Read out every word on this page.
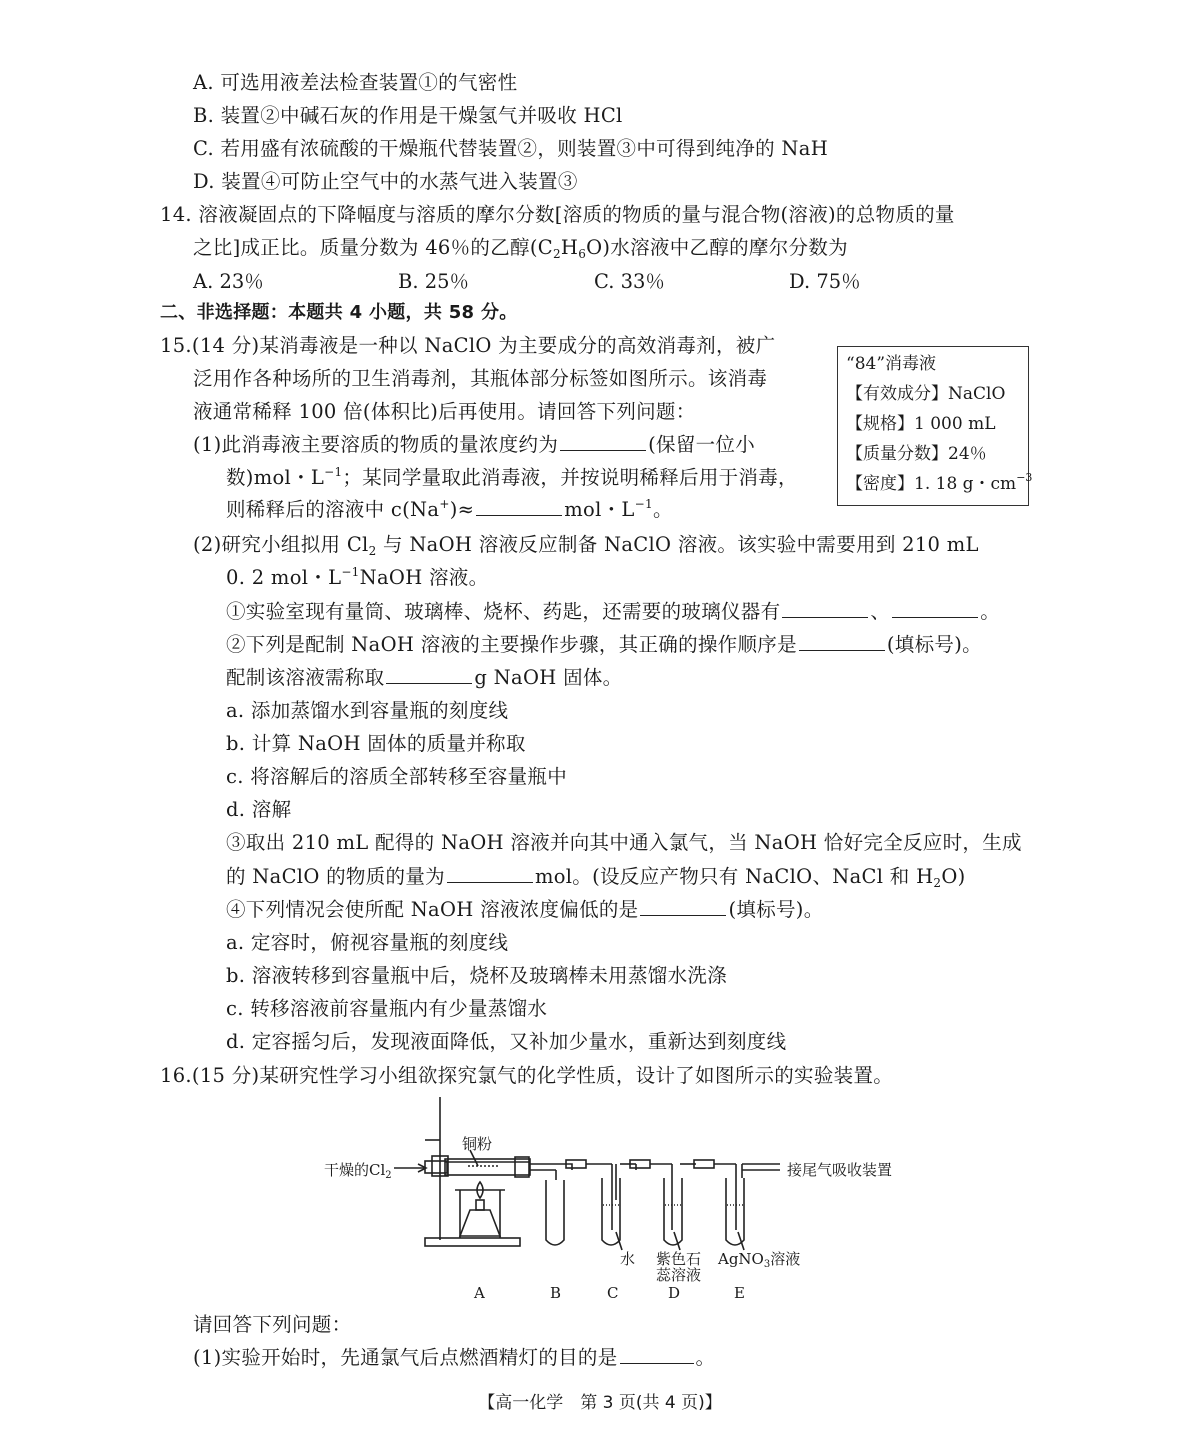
A. 可选用液差法检查装置①的气密性
B. 装置②中碱石灰的作用是干燥氢气并吸收 HCl
C. 若用盛有浓硫酸的干燥瓶代替装置②，则装置③中可得到纯净的 NaH
D. 装置④可防止空气中的水蒸气进入装置③
14. 溶液凝固点的下降幅度与溶质的摩尔分数[溶质的物质的量与混合物(溶液)的总物质的量
之比]成正比。质量分数为 46％的乙醇$(C_2H_6O)$水溶液中乙醇的摩尔分数为
A. 23％	B. 25％	C. 33％	D. 75％
二、非选择题：本题共 4 小题，共 58 分。
15.(14 分)某消毒液是一种以 NaClO 为主要成分的高效消毒剂，被广
泛用作各种场所的卫生消毒剂，其瓶体部分标签如图所示。该消毒
液通常稀释 100 倍(体积比)后再使用。请回答下列问题：
“84”消毒液
【有效成分】NaClO
【规格】1 000 mL
【质量分数】24％
【密度】1. 18 g・$cm^{-3}$
(1)此消毒液主要溶质的物质的量浓度约为	(保留一位小
数)mol・$L^{-1}$；某同学量取此消毒液，并按说明稀释后用于消毒，
则稀释后的溶液中 c(Na+)≈	mol・$L^{-1}$。
(2)研究小组拟用 $Cl_2$ 与 NaOH 溶液反应制备 NaClO 溶液。该实验中需要用到 210 mL
0. 2 mol・$L^{-1}NaOH$ 溶液。
①实验室现有量筒、玻璃棒、烧杯、药匙，还需要的玻璃仪器有	、	。
②下列是配制 NaOH 溶液的主要操作步骤，其正确的操作顺序是	(填标号)。
配制该溶液需称取	g NaOH 固体。
a. 添加蒸馏水到容量瓶的刻度线
b. 计算 NaOH 固体的质量并称取
c. 将溶解后的溶质全部转移至容量瓶中
d. 溶解
③取出 210 mL 配得的 NaOH 溶液并向其中通入氯气，当 NaOH 恰好完全反应时，生成
的 NaClO 的物质的量为	mol。(设反应产物只有 NaClO、NaCl 和 $H_2O$)
④下列情况会使所配 NaOH 溶液浓度偏低的是	(填标号)。
a. 定容时，俯视容量瓶的刻度线
b. 溶液转移到容量瓶中后，烧杯及玻璃棒未用蒸馏水洗涤
c. 转移溶液前容量瓶内有少量蒸馏水
d. 定容摇匀后，发现液面降低，又补加少量水，重新达到刻度线
16.(15 分)某研究性学习小组欲探究氯气的化学性质，设计了如图所示的实验装置。
干燥的$Cl_2$
铜粉
接尾气吸收装置
水 紫色石
蕊溶液
AgNO$_3$溶液
A	B	C	D	E
请回答下列问题：
(1)实验开始时，先通氯气后点燃酒精灯的目的是	。
【高一化学　第 3 页(共 4 页)】
